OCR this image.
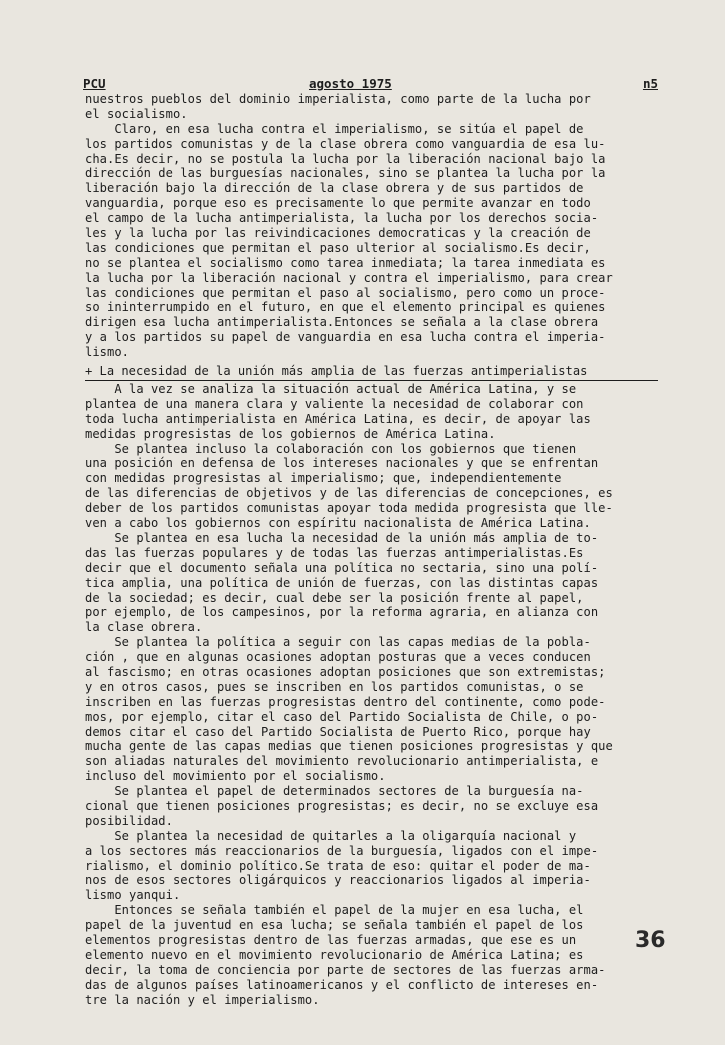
PCU	agosto 1975	n5
nuestros pueblos del dominio imperialista, como parte de la lucha por
el socialismo.
Claro, en esa lucha contra el imperialismo, se sitúa el papel de
los partidos comunistas y de la clase obrera como vanguardia de esa lu-
cha.Es decir, no se postula la lucha por la liberación nacional bajo la
dirección de las burguesías nacionales, sino se plantea la lucha por la
liberación bajo la dirección de la clase obrera y de sus partidos de
vanguardia, porque eso es precisamente lo que permite avanzar en todo
el campo de la lucha antimperialista, la lucha por los derechos socia-
les y la lucha por las reivindicaciones democraticas y la creación de
las condiciones que permitan el paso ulterior al socialismo.Es decir,
no se plantea el socialismo como tarea inmediata; la tarea inmediata es
la lucha por la liberación nacional y contra el imperialismo, para crear
las condiciones que permitan el paso al socialismo, pero como un proce-
so ininterrumpido en el futuro, en que el elemento principal es quienes
dirigen esa lucha antimperialista.Entonces se señala a la clase obrera
y a los partidos su papel de vanguardia en esa lucha contra el imperia-
lismo.
+ La necesidad de la unión más amplia de las fuerzas antimperialistas
A la vez se analiza la situación actual de América Latina, y se
plantea de una manera clara y valiente la necesidad de colaborar con
toda lucha antimperialista en América Latina, es decir, de apoyar las
medidas progresistas de los gobiernos de América Latina.
Se plantea incluso la colaboración con los gobiernos que tienen
una posición en defensa de los intereses nacionales y que se enfrentan
con medidas progresistas al imperialismo; que, independientemente
de las diferencias de objetivos y de las diferencias de concepciones, es
deber de los partidos comunistas apoyar toda medida progresista que lle-
ven a cabo los gobiernos con espíritu nacionalista de América Latina.
Se plantea en esa lucha la necesidad de la unión más amplia de to-
das las fuerzas populares y de todas las fuerzas antimperialistas.Es
decir que el documento señala una política no sectaria, sino una polí-
tica amplia, una política de unión de fuerzas, con las distintas capas
de la sociedad; es decir, cual debe ser la posición frente al papel,
por ejemplo, de los campesinos, por la reforma agraria, en alianza con
la clase obrera.
Se plantea la política a seguir con las capas medias de la pobla-
ción , que en algunas ocasiones adoptan posturas que a veces conducen
al fascismo; en otras ocasiones adoptan posiciones que son extremistas;
y en otros casos, pues se inscriben en los partidos comunistas, o se
inscriben en las fuerzas progresistas dentro del continente, como pode-
mos, por ejemplo, citar el caso del Partido Socialista de Chile, o po-
demos citar el caso del Partido Socialista de Puerto Rico, porque hay
mucha gente de las capas medias que tienen posiciones progresistas y que
son aliadas naturales del movimiento revolucionario antimperialista, e
incluso del movimiento por el socialismo.
Se plantea el papel de determinados sectores de la burguesía na-
cional que tienen posiciones progresistas; es decir, no se excluye esa
posibilidad.
Se plantea la necesidad de quitarles a la oligarquía nacional y
a los sectores más reaccionarios de la burguesía, ligados con el impe-
rialismo, el dominio político.Se trata de eso: quitar el poder de ma-
nos de esos sectores oligárquicos y reaccionarios ligados al imperia-
lismo yanqui.
Entonces se señala también el papel de la mujer en esa lucha, el
papel de la juventud en esa lucha; se señala también el papel de los
elementos progresistas dentro de las fuerzas armadas, que ese es un
elemento nuevo en el movimiento revolucionario de América Latina; es
decir, la toma de conciencia por parte de sectores de las fuerzas arma-
das de algunos países latinoamericanos y el conflicto de intereses en-
tre la nación y el imperialismo.
36
